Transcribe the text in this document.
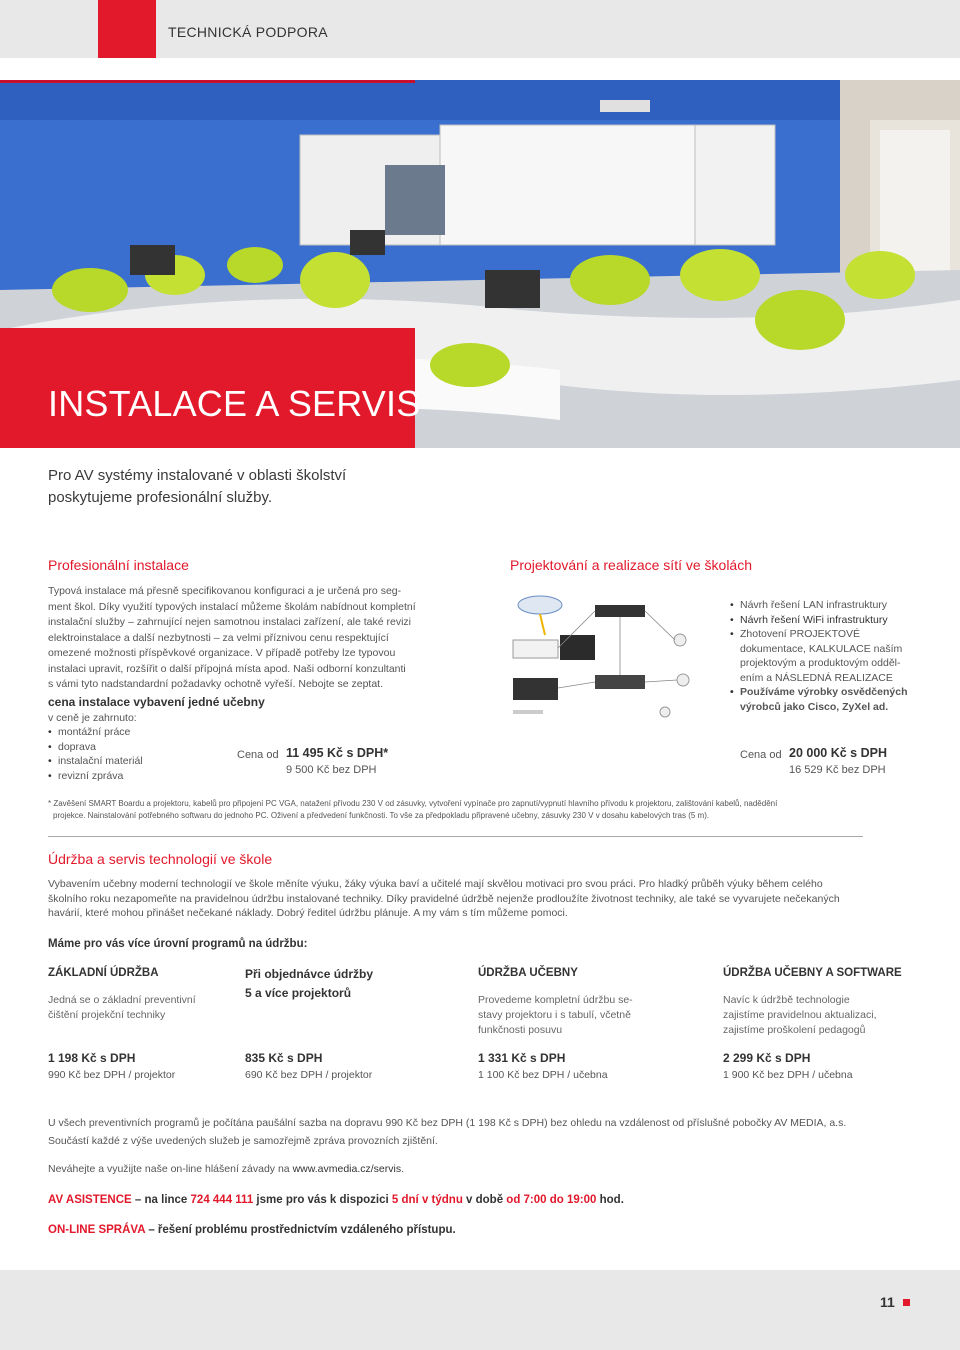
TECHNICKÁ PODPORA
INSTALACE A SERVIS
Pro AV systémy instalované v oblasti školství
poskytujeme profesionální služby.
Profesionální instalace
Typová instalace má přesně specifikovanou konfiguraci a je určená pro seg-
ment škol. Díky využití typových instalací můžeme školám nabídnout kompletní
instalační služby – zahrnující nejen samotnou instalaci zařízení, ale také revizi
elektroinstalace a další nezbytnosti – za velmi příznivou cenu respektující
omezené možnosti příspěvkové organizace. V případě potřeby lze typovou
instalaci upravit, rozšířit o další přípojná místa apod. Naši odborní konzultanti
s vámi tyto nadstandardní požadavky ochotně vyřeší. Nebojte se zeptat.
cena instalace vybavení jedné učebny
v ceně je zahrnuto:
• montážní práce
• doprava
• instalační materiál
• revizní zpráva
Cena od 11 495 Kč s DPH*
9 500 Kč bez DPH
Projektování a realizace sítí ve školách
• Návrh řešení LAN infrastruktury
• Návrh řešení WiFi infrastruktury
• Zhotovení PROJEKTOVÉ dokumentace, KALKULACE naším projektovým a produktovým odděl-ením a NÁSLEDNÁ REALIZACE
• Používáme výrobky osvědčených výrobců jako Cisco, ZyXel ad.
Cena od 20 000 Kč s DPH
16 529 Kč bez DPH
* Zavěšení SMART Boardu a projektoru, kabelů pro připojení PC VGA, natažení přívodu 230 V od zásuvky, vytvoření vypínače pro zapnutí/vypnutí hlavního přívodu k projektoru, zalištování kabelů, nadědění
projekce. Nainstalování potřebného softwaru do jednoho PC. Oživení a předvedení funkčnosti. To vše za předpokladu připravené učebny, zásuvky 230 V v dosahu kabelových tras (5 m).
Údržba a servis technologií ve škole
Vybavením učebny moderní technologií ve škole měníte výuku, žáky výuka baví a učitelé mají skvělou motivaci pro svou práci. Pro hladký průběh výuky během celého
školního roku nezapomeňte na pravidelnou údržbu instalované techniky. Díky pravidelné údržbě nejenže prodloužíte životnost techniky, ale také se vyvarujete nečekaných
havárií, které mohou přinášet nečekané náklady. Dobrý ředitel údržbu plánuje. A my vám s tím můžeme pomoci.
Máme pro vás více úrovní programů na údržbu:
ZÁKLADNÍ ÚDRŽBA
Jedná se o základní preventivní
čištění projekční techniky
1 198 Kč s DPH
990 Kč bez DPH / projektor
Při objednávce údržby
5 a více projektorů
835 Kč s DPH
690 Kč bez DPH / projektor
ÚDRŽBA UČEBNY
Provedeme kompletní údržbu se-
stavy projektoru i s tabulí, včetně
funkčnosti posuvu
1 331 Kč s DPH
1 100 Kč bez DPH / učebna
ÚDRŽBA UČEBNY A SOFTWARE
Navíc k údržbě technologie
zajistíme pravidelnou aktualizaci,
zajistíme proškolení pedagogů
2 299 Kč s DPH
1 900 Kč bez DPH / učebna
U všech preventivních programů je počítána paušální sazba na dopravu 990 Kč bez DPH (1 198 Kč s DPH) bez ohledu na vzdálenost od příslušné pobočky AV MEDIA, a.s.
Součástí každé z výše uvedených služeb je samozřejmě zpráva provozních zjištění.
Neváhejte a využijte naše on-line hlášení závady na www.avmedia.cz/servis.
AV ASISTENCE – na lince 724 444 111 jsme pro vás k dispozici 5 dní v týdnu v době od 7:00 do 19:00 hod.
ON-LINE SPRÁVA – řešení problému prostřednictvím vzdáleného přístupu.
11
